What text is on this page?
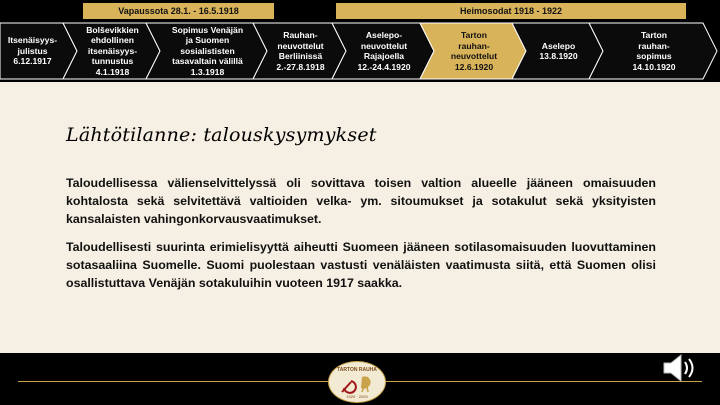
Vapaussota 28.1. - 16.5.1918	Heimosodat 1918 - 1922
Itsenäisyys-
julistus
6.12.1917
Bolševikkien
ehdollinen
itsenäisyys-
tunnustus
4.1.1918
Sopimus Venäjän
ja Suomen
sosialististen
tasavaltain välillä
1.3.1918
Rauhan-
neuvottelut
Berliinissä
2.-27.8.1918
Aselepo-
neuvottelut
Rajajoella
12.-24.4.1920
Tarton
rauhan-
neuvottelut
12.6.1920
Aselepo
13.8.1920
Tarton
rauhan-
sopimus
14.10.1920
Lähtötilanne: talouskysymykset
Taloudellisessa välienselvittelyssä oli sovittava toisen valtion alueelle jääneen omaisuuden kohtalosta sekä selvitettävä valtioiden velka- ym. sitoumukset ja sotakulut sekä yksityisten kansalaisten vahingonkorvausvaatimukset.
Taloudellisesti suurinta erimielisyyttä aiheutti Suomeen jääneen sotilasomaisuuden luovuttaminen sotasaaliina Suomelle. Suomi puolestaan vastusti venäläisten vaatimusta siitä, että Suomen olisi osallistuttava Venäjän sotakuluihin vuoteen 1917 saakka.
TARTON RAUHA
1920 · 2020
